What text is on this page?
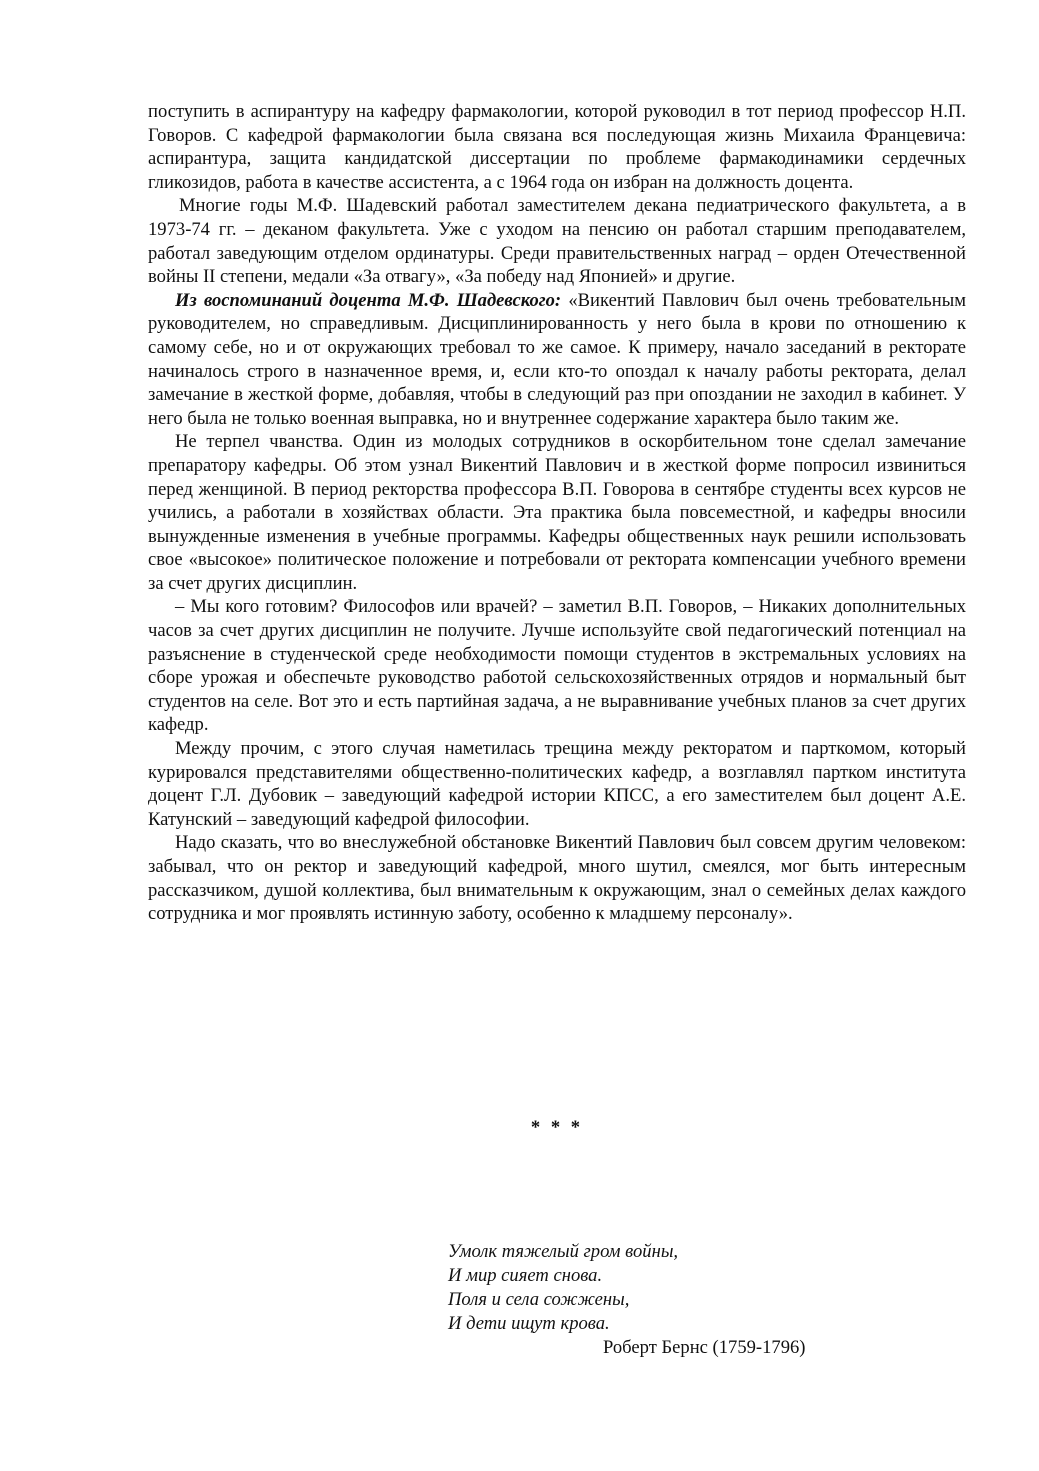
поступить в аспирантуру на кафедру фармакологии, которой руководил в тот период профессор Н.П. Говоров. С кафедрой фармакологии была связана вся последующая жизнь Михаила Францевича: аспирантура, защита кандидатской диссертации по проблеме фармакодинамики сердечных гликозидов, работа в качестве ассистента, а с 1964 года он избран на должность доцента.

Многие годы М.Ф. Шадевский работал заместителем декана педиатрического факультета, а в 1973-74 гг. – деканом факультета. Уже с уходом на пенсию он работал старшим преподавателем, работал заведующим отделом ординатуры. Среди правительственных наград – орден Отечественной войны II степени, медали «За отвагу», «За победу над Японией» и другие.

Из воспоминаний доцента М.Ф. Шадевского: «Викентий Павлович был очень требовательным руководителем, но справедливым. Дисциплинированность у него была в крови по отношению к самому себе, но и от окружающих требовал то же самое. К примеру, начало заседаний в ректорате начиналось строго в назначенное время, и, если кто-то опоздал к началу работы ректората, делал замечание в жесткой форме, добавляя, чтобы в следующий раз при опоздании не заходил в кабинет. У него была не только военная выправка, но и внутреннее содержание характера было таким же.

Не терпел чванства. Один из молодых сотрудников в оскорбительном тоне сделал замечание препаратору кафедры. Об этом узнал Викентий Павлович и в жесткой форме попросил извиниться перед женщиной. В период ректорства профессора В.П. Говорова в сентябре студенты всех курсов не учились, а работали в хозяйствах области. Эта практика была повсеместной, и кафедры вносили вынужденные изменения в учебные программы. Кафедры общественных наук решили использовать свое «высокое» политическое положение и потребовали от ректората компенсации учебного времени за счет других дисциплин.

– Мы кого готовим? Философов или врачей? – заметил В.П. Говоров, – Никаких дополнительных часов за счет других дисциплин не получите. Лучше используйте свой педагогический потенциал на разъяснение в студенческой среде необходимости помощи студентов в экстремальных условиях на сборе урожая и обеспечьте руководство работой сельскохозяйственных отрядов и нормальный быт студентов на селе. Вот это и есть партийная задача, а не выравнивание учебных планов за счет других кафедр.

Между прочим, с этого случая наметилась трещина между ректоратом и парткомом, который курировался представителями общественно-политических кафедр, а возглавлял партком института доцент Г.Л. Дубовик – заведующий кафедрой истории КПСС, а его заместителем был доцент А.Е. Катунский – заведующий кафедрой философии.

Надо сказать, что во внеслужебной обстановке Викентий Павлович был совсем другим человеком: забывал, что он ректор и заведующий кафедрой, много шутил, смеялся, мог быть интересным рассказчиком, душой коллектива, был внимательным к окружающим, знал о семейных делах каждого сотрудника и мог проявлять истинную заботу, особенно к младшему персоналу».

* * *
Умолк тяжелый гром войны,
И мир сияет снова.
Поля и села сожжены,
И дети ищут крова.
Роберт Бернс (1759-1796)
